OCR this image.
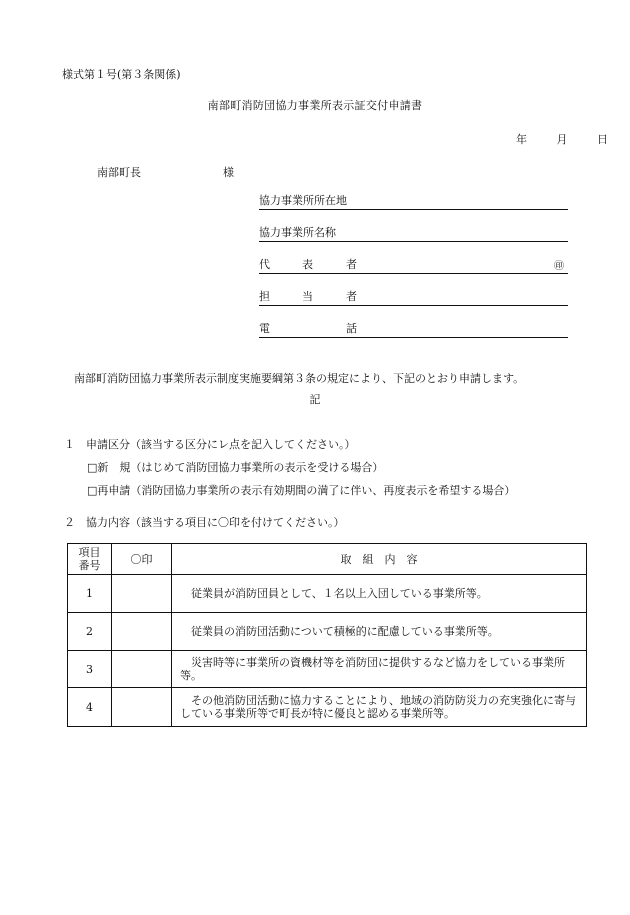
様式第１号(第３条関係)
南部町消防団協力事業所表示証交付申請書
年	月	日
南部町長	様
協力事業所所在地
協力事業所名称
代	表	者	㊞
担	当	者
電	話
南部町消防団協力事業所表示制度実施要綱第３条の規定により、下記のとおり申請します。
記
１　申請区分（該当する区分にレ点を記入してください。）
□新　規（はじめて消防団協力事業所の表示を受ける場合）
□再申請（消防団協力事業所の表示有効期間の満了に伴い、再度表示を希望する場合）
２　協力内容（該当する項目に〇印を付けてください。）
項目
番号	〇印	取　組　内　容
1		従業員が消防団員として、１名以上入団している事業所等。

2		従業員の消防団活動について積極的に配慮している事業所等。

3		災害時等に事業所の資機材等を消防団に提供するなど協力をしている事業所等。

4		その他消防団活動に協力することにより、地域の消防防災力の充実強化に寄与している事業所等で町長が特に優良と認める事業所等。
